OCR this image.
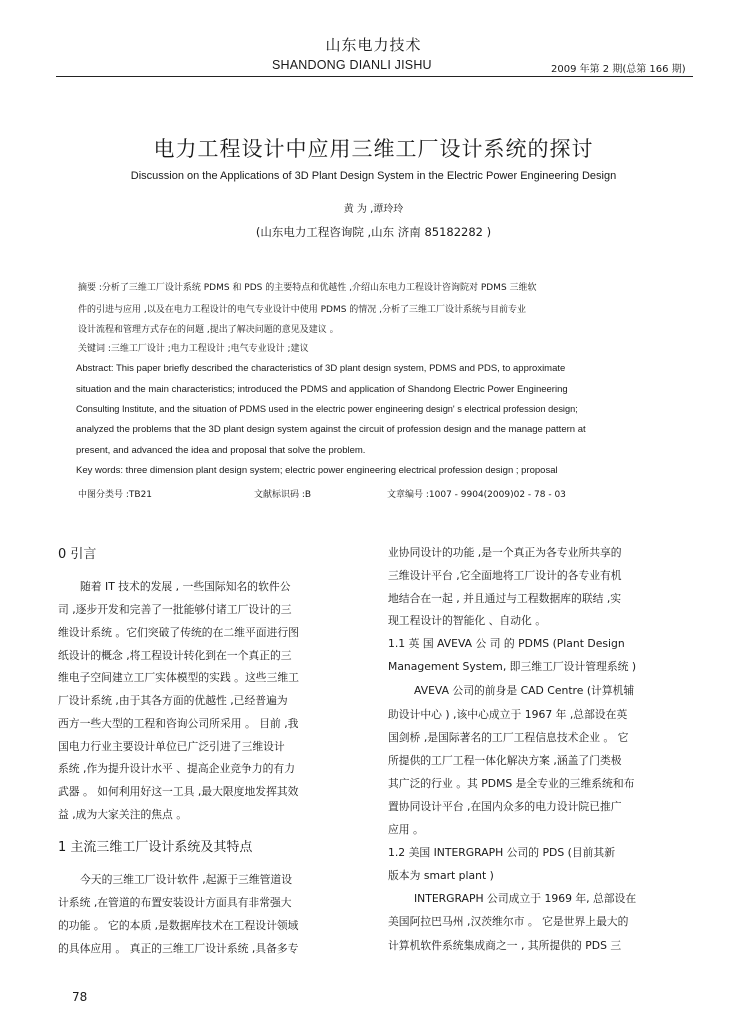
山东电力技术
SHANDONG DIANLI JISHU	2009 年第 2 期(总第 166 期)
电力工程设计中应用三维工厂设计系统的探讨
Discussion on the Applications of 3D Plant Design System in the Electric Power Engineering Design
黄 为 ,谭玲玲
(山东电力工程咨询院 ,山东 济南 85182282 )
摘要 :分析了三维工厂设计系统 PDMS 和 PDS 的主要特点和优越性 ,介绍山东电力工程设计咨询院对 PDMS 三维软
件的引进与应用 ,以及在电力工程设计的电气专业设计中使用 PDMS 的情况 ,分析了三维工厂设计系统与目前专业
设计流程和管理方式存在的问题 ,提出了解决问题的意见及建议 。
关键词 :三维工厂设计 ;电力工程设计 ;电气专业设计 ;建议
Abstract: This paper briefly described the characteristics of 3D plant design system, PDMS and PDS, to approximate
situation and the main characteristics; introduced the PDMS and application of Shandong Electric Power Engineering
Consulting Institute, and the situation of PDMS used in the electric power engineering design' s electrical profession design;
analyzed the problems that the 3D plant design system against the circuit of profession design and the manage pattern at
present, and advanced the idea and proposal that solve the problem.
Key words: three dimension plant design system; electric power engineering electrical profession design ; proposal
中图分类号 :TB21	文献标识码 :B	文章编号 :1007 - 9904(2009)02 - 78 - 03
0 引言
随着 IT 技术的发展 , 一些国际知名的软件公
司 ,逐步开发和完善了一批能够付诸工厂设计的三
维设计系统 。它们突破了传统的在二维平面进行图
纸设计的概念 ,将工程设计转化到在一个真正的三
维电子空间建立工厂实体模型的实践 。这些三维工
厂设计系统 ,由于其各方面的优越性 ,已经普遍为
西方一些大型的工程和咨询公司所采用 。 目前 ,我
国电力行业主要设计单位已广泛引进了三维设计
系统 ,作为提升设计水平 、提高企业竞争力的有力
武器 。 如何利用好这一工具 ,最大限度地发挥其效
益 ,成为大家关注的焦点 。
1 主流三维工厂设计系统及其特点
今天的三维工厂设计软件 ,起源于三维管道设
计系统 ,在管道的布置安装设计方面具有非常强大
的功能 。 它的本质 ,是数据库技术在工程设计领域
的具体应用 。 真正的三维工厂设计系统 ,具备多专
业协同设计的功能 ,是一个真正为各专业所共享的
三维设计平台 ,它全面地将工厂设计的各专业有机
地结合在一起 , 并且通过与工程数据库的联结 ,实
现工程设计的智能化 、自动化 。
1.1 英 国 AVEVA 公 司 的 PDMS (Plant Design
Management System, 即三维工厂设计管理系统 )
AVEVA 公司的前身是 CAD Centre (计算机辅
助设计中心 ) ,该中心成立于 1967 年 ,总部设在英
国剑桥 ,是国际著名的工厂工程信息技术企业 。 它
所提供的工厂工程一体化解决方案 ,涵盖了门类极
其广泛的行业 。其 PDMS 是全专业的三维系统和布
置协同设计平台 ,在国内众多的电力设计院已推广
应用 。
1.2 美国 INTERGRAPH 公司的 PDS (目前其新
版本为 smart plant )
INTERGRAPH 公司成立于 1969 年, 总部设在
美国阿拉巴马州 ,汉茨维尔市 。 它是世界上最大的
计算机软件系统集成商之一 , 其所提供的 PDS 三
78
